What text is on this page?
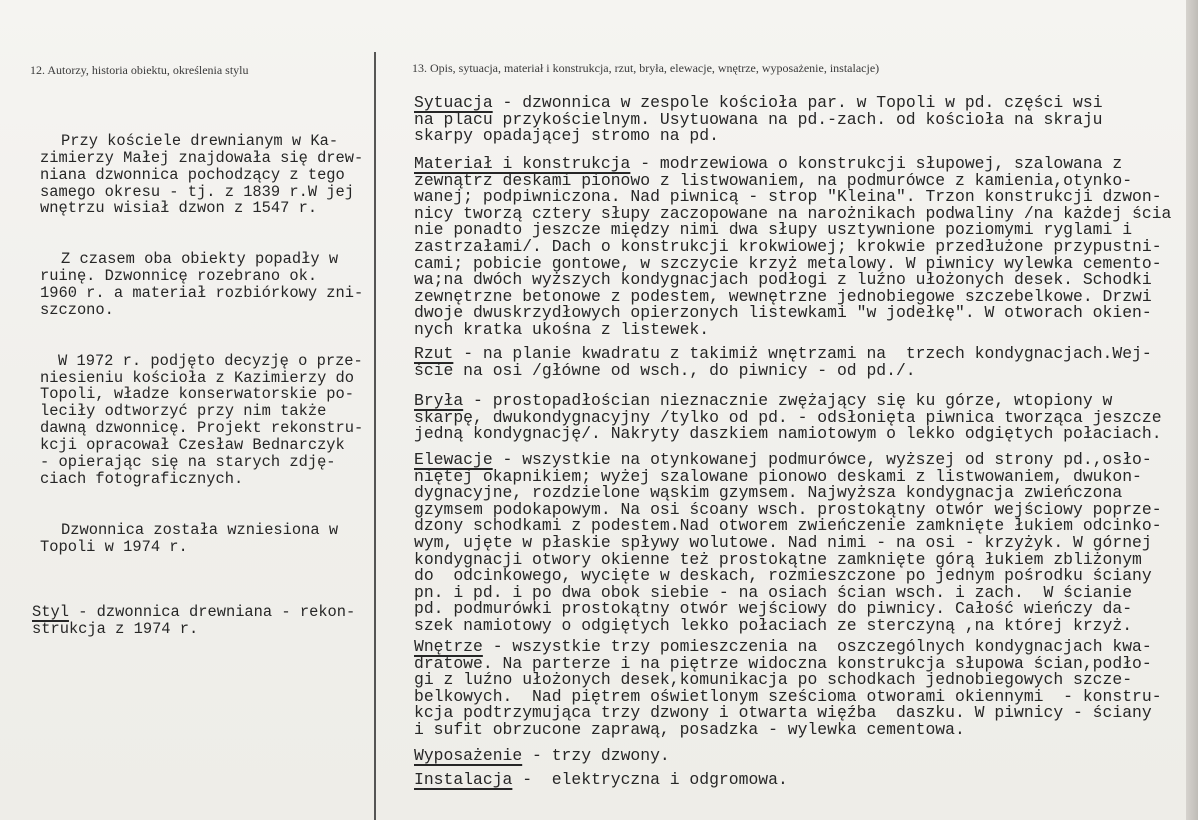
12. Autorzy, historia obiektu, określenia stylu	13. Opis, sytuacja, materiał i konstrukcja, rzut, bryła, elewacje, wnętrze, wyposażenie, instalacje)

Przy kościele drewnianym w Ka-
zimierzy Małej znajdowała się drew-
niana dzwonnica pochodzący z tego
samego okresu - tj. z 1839 r.W jej
wnętrzu wisiał dzwon z 1547 r.

Z czasem oba obiekty popadły w
ruinę. Dzwonnicę rozebrano ok.
1960 r. a materiał rozbiórkowy zni-
szczono.

W 1972 r. podjęto decyzję o prze-
niesieniu kościoła z Kazimierzy do
Topoli, władze konserwatorskie po-
leciły odtworzyć przy nim także
dawną dzwonnicę. Projekt rekonstru-
kcji opracował Czesław Bednarczyk
- opierając się na starych zdję-
ciach fotograficznych.

Dzwonnica została wzniesiona w
Topoli w 1974 r.

Styl - dzwonnica drewniana - rekon-
strukcja z 1974 r.

Sytuacja - dzwonnica w zespole kościoła par. w Topoli w pd. części wsi
na placu przykościelnym. Usytuowana na pd.-zach. od kościoła na skraju
skarpy opadającej stromo na pd.
Materiał i konstrukcja - modrzewiowa o konstrukcji słupowej, szalowana z
zewnątrz deskami pionowo z listwowaniem, na podmurówce z kamienia,otynko-
wanej; podpiwniczona. Nad piwnicą - strop "Kleina". Trzon konstrukcji dzwon-
nicy tworzą cztery słupy zaczopowane na narożnikach podwaliny /na każdej ścia
nie ponadto jeszcze między nimi dwa słupy usztywnione poziomymi ryglami i
zastrzałami/. Dach o konstrukcji krokwiowej; krokwie przedłużone przypustni-
cami; pobicie gontowe, w szczycie krzyż metalowy. W piwnicy wylewka cemento-
wa;na dwóch wyższych kondygnacjach podłogi z luźno ułożonych desek. Schodki
zewnętrzne betonowe z podestem, wewnętrzne jednobiegowe szczebelkowe. Drzwi
dwoje dwuskrzydłowych opierzonych listewkami "w jodełkę". W otworach okien-
nych kratka ukośna z listewek.
Rzut - na planie kwadratu z takimiż wnętrzami na  trzech kondygnacjach.Wej-
ście na osi /główne od wsch., do piwnicy - od pd./.
Bryła - prostopadłościan nieznacznie zwężający się ku górze, wtopiony w
skarpę, dwukondygnacyjny /tylko od pd. - odsłonięta piwnica tworząca jeszcze
jedną kondygnację/. Nakryty daszkiem namiotowym o lekko odgiętych połaciach.
Elewacje - wszystkie na otynkowanej podmurówce, wyższej od strony pd.,osło-
niętej okapnikiem; wyżej szalowane pionowo deskami z listwowaniem, dwukon-
dygnacyjne, rozdzielone wąskim gzymsem. Najwyższa kondygnacja zwieńczona
gzymsem podokapowym. Na osi ścoany wsch. prostokątny otwór wejściowy poprze-
dzony schodkami z podestem.Nad otworem zwieńczenie zamknięte łukiem odcinko-
wym, ujęte w płaskie spływy wolutowe. Nad nimi - na osi - krzyżyk. W górnej
kondygnacji otwory okienne też prostokątne zamknięte górą łukiem zbliżonym
do  odcinkowego, wycięte w deskach, rozmieszczone po jednym pośrodku ściany
pn. i pd. i po dwa obok siebie - na osiach ścian wsch. i zach.  W ścianie
pd. podmurówki prostokątny otwór wejściowy do piwnicy. Całość wieńczy da-
szek namiotowy o odgiętych lekko połaciach ze sterczyną ,na której krzyż.
Wnętrze - wszystkie trzy pomieszczenia na  oszczególnych kondygnacjach kwa-
dratowe. Na parterze i na piętrze widoczna konstrukcja słupowa ścian,podło-
gi z luźno ułożonych desek,komunikacja po schodkach jednobiegowych szcze-
belkowych.  Nad piętrem oświetlonym sześcioma otworami okiennymi  - konstru-
kcja podtrzymująca trzy dzwony i otwarta więźba  daszku. W piwnicy - ściany
i sufit obrzucone zaprawą, posadzka - wylewka cementowa.
Wyposażenie - trzy dzwony.
Instalacja -  elektryczna i odgromowa.
